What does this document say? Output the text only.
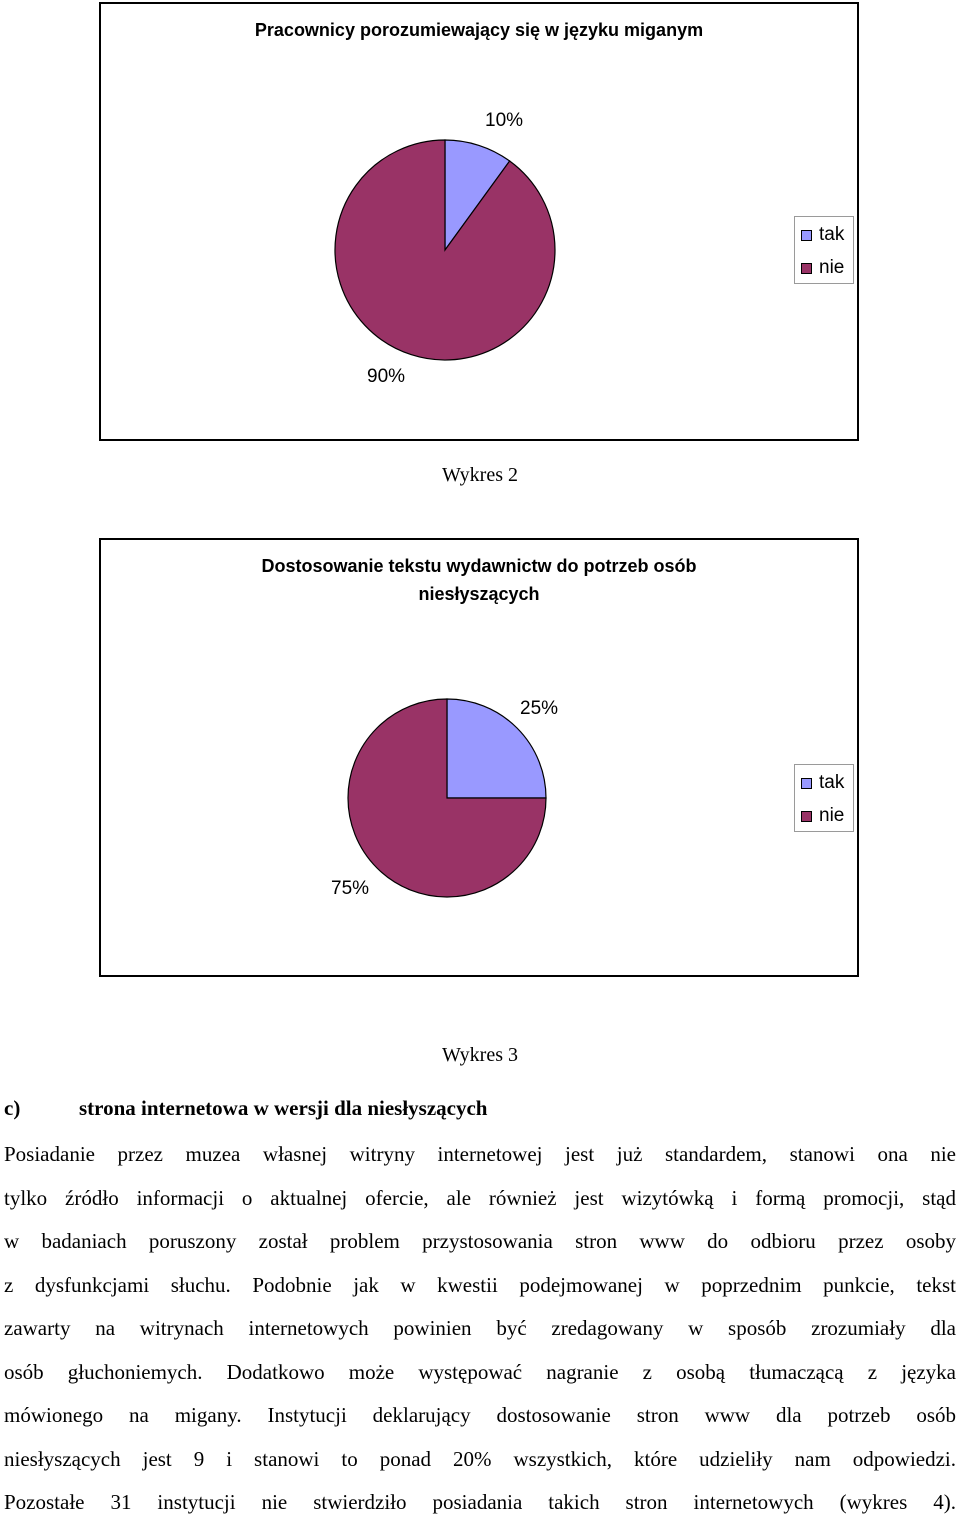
Pracownicy porozumiewający się w języku miganym
10%
90%
tak
nie
Wykres 2
Dostosowanie tekstu wydawnictw do potrzeb osób
niesłyszących
25%
75%
tak
nie
Wykres 3
c)	strona internetowa w wersji dla niesłyszących
Posiadanie przez muzea własnej witryny internetowej jest już standardem, stanowi ona nie
tylko źródło informacji o aktualnej ofercie, ale również jest wizytówką i formą promocji, stąd
w badaniach poruszony został problem przystosowania stron www do odbioru przez osoby
z dysfunkcjami słuchu. Podobnie jak w kwestii podejmowanej w poprzednim punkcie, tekst
zawarty na witrynach internetowych powinien być zredagowany w sposób zrozumiały dla
osób głuchoniemych. Dodatkowo może występować nagranie z osobą tłumaczącą z języka
mówionego na migany. Instytucji deklarujący dostosowanie stron www dla potrzeb osób
niesłyszących jest 9 i stanowi to ponad 20% wszystkich, które udzieliły nam odpowiedzi.
Pozostałe 31 instytucji nie stwierdziło posiadania takich stron internetowych (wykres 4).
